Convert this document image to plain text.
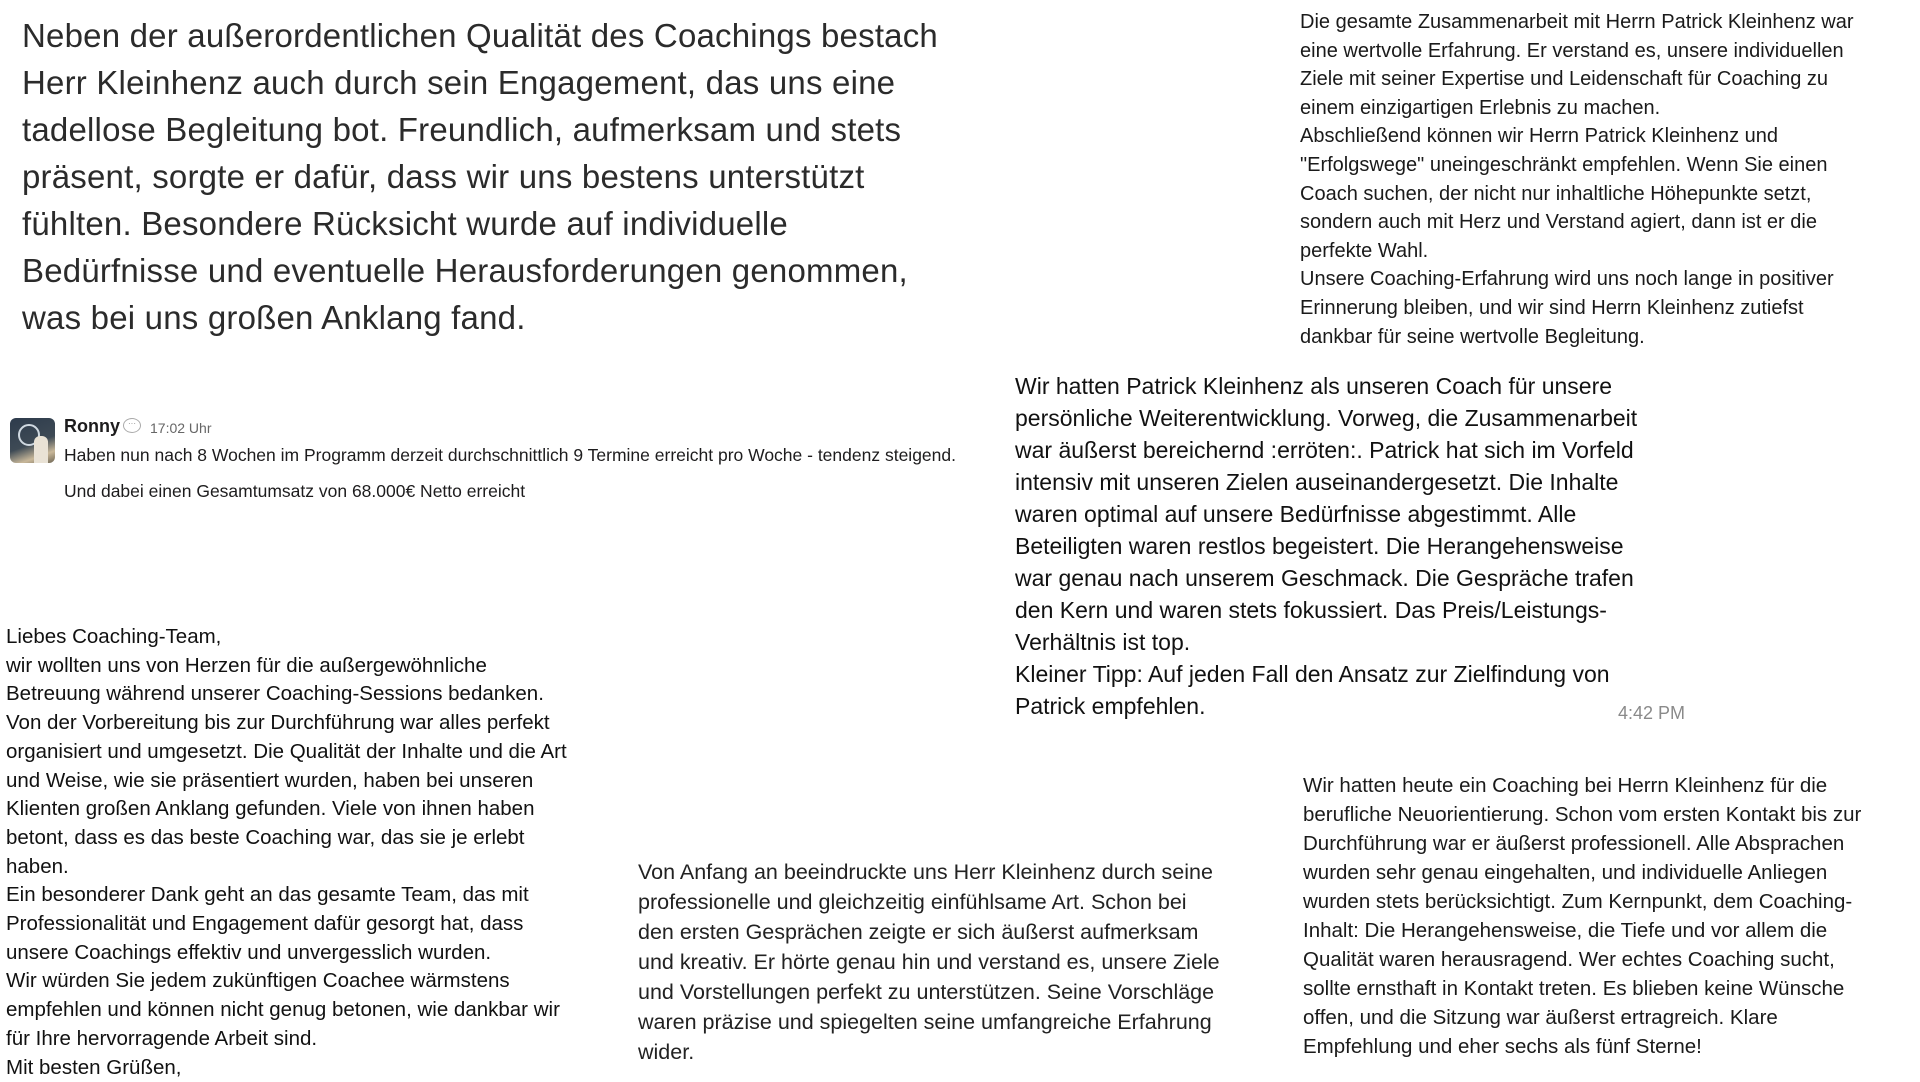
Neben der außerordentlichen Qualität des Coachings bestach
Herr Kleinhenz auch durch sein Engagement, das uns eine
tadellose Begleitung bot. Freundlich, aufmerksam und stets
präsent, sorgte er dafür, dass wir uns bestens unterstützt
fühlten. Besondere Rücksicht wurde auf individuelle
Bedürfnisse und eventuelle Herausforderungen genommen,
was bei uns großen Anklang fand.
Die gesamte Zusammenarbeit mit Herrn Patrick Kleinhenz war
eine wertvolle Erfahrung. Er verstand es, unsere individuellen
Ziele mit seiner Expertise und Leidenschaft für Coaching zu
einem einzigartigen Erlebnis zu machen.
Abschließend können wir Herrn Patrick Kleinhenz und
"Erfolgswege" uneingeschränkt empfehlen. Wenn Sie einen
Coach suchen, der nicht nur inhaltliche Höhepunkte setzt,
sondern auch mit Herz und Verstand agiert, dann ist er die
perfekte Wahl.
Unsere Coaching-Erfahrung wird uns noch lange in positiver
Erinnerung bleiben, und wir sind Herrn Kleinhenz zutiefst
dankbar für seine wertvolle Begleitung.
Ronny	···	17:02 Uhr
Haben nun nach 8 Wochen im Programm derzeit durchschnittlich 9 Termine erreicht pro Woche - tendenz steigend.
Und dabei einen Gesamtumsatz von 68.000€ Netto erreicht
Wir hatten Patrick Kleinhenz als unseren Coach für unsere
persönliche Weiterentwicklung. Vorweg, die Zusammenarbeit
war äußerst bereichernd :erröten:. Patrick hat sich im Vorfeld
intensiv mit unseren Zielen auseinandergesetzt. Die Inhalte
waren optimal auf unsere Bedürfnisse abgestimmt. Alle
Beteiligten waren restlos begeistert. Die Herangehensweise
war genau nach unserem Geschmack. Die Gespräche trafen
den Kern und waren stets fokussiert. Das Preis/Leistungs-
Verhältnis ist top.
Kleiner Tipp: Auf jeden Fall den Ansatz zur Zielfindung von
Patrick empfehlen.	4:42 PM
Liebes Coaching-Team,
wir wollten uns von Herzen für die außergewöhnliche
Betreuung während unserer Coaching-Sessions bedanken.
Von der Vorbereitung bis zur Durchführung war alles perfekt
organisiert und umgesetzt. Die Qualität der Inhalte und die Art
und Weise, wie sie präsentiert wurden, haben bei unseren
Klienten großen Anklang gefunden. Viele von ihnen haben
betont, dass es das beste Coaching war, das sie je erlebt
haben.
Ein besonderer Dank geht an das gesamte Team, das mit
Professionalität und Engagement dafür gesorgt hat, dass
unsere Coachings effektiv und unvergesslich wurden.
Wir würden Sie jedem zukünftigen Coachee wärmstens
empfehlen und können nicht genug betonen, wie dankbar wir
für Ihre hervorragende Arbeit sind.
Mit besten Grüßen,
Von Anfang an beeindruckte uns Herr Kleinhenz durch seine
professionelle und gleichzeitig einfühlsame Art. Schon bei
den ersten Gesprächen zeigte er sich äußerst aufmerksam
und kreativ. Er hörte genau hin und verstand es, unsere Ziele
und Vorstellungen perfekt zu unterstützen. Seine Vorschläge
waren präzise und spiegelten seine umfangreiche Erfahrung
wider.
Wir hatten heute ein Coaching bei Herrn Kleinhenz für die
berufliche Neuorientierung. Schon vom ersten Kontakt bis zur
Durchführung war er äußerst professionell. Alle Absprachen
wurden sehr genau eingehalten, und individuelle Anliegen
wurden stets berücksichtigt. Zum Kernpunkt, dem Coaching-
Inhalt: Die Herangehensweise, die Tiefe und vor allem die
Qualität waren herausragend. Wer echtes Coaching sucht,
sollte ernsthaft in Kontakt treten. Es blieben keine Wünsche
offen, und die Sitzung war äußerst ertragreich. Klare
Empfehlung und eher sechs als fünf Sterne!
